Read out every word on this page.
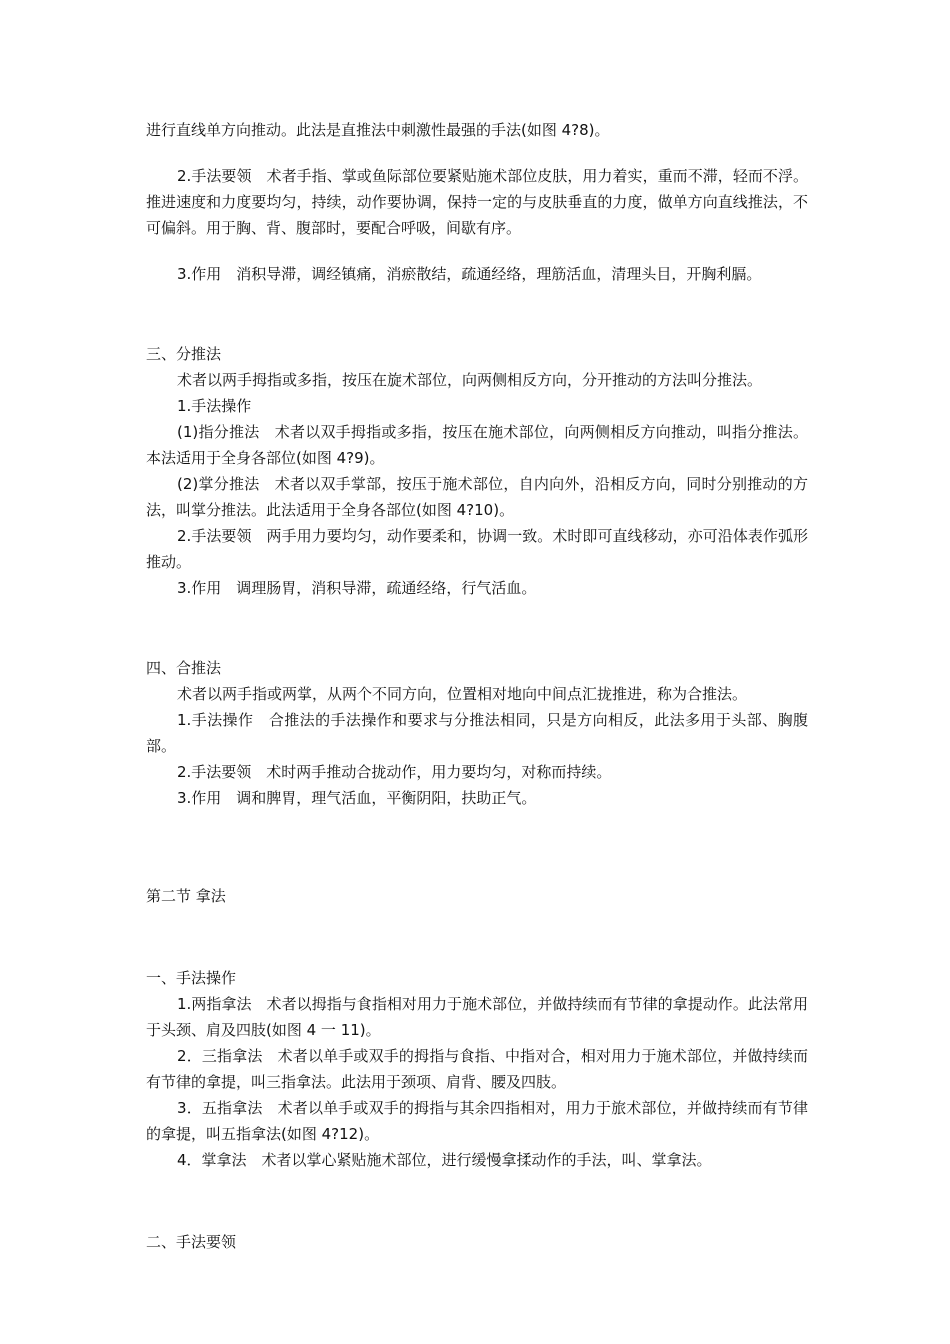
进行直线单方向推动。此法是直推法中刺激性最强的手法(如图 4?8)。

2.手法要领　术者手指、掌或鱼际部位要紧贴施术部位皮肤，用力着实，重而不滞，轻而不浮。推进速度和力度要均匀，持续，动作要协调，保持一定的与皮肤垂直的力度，做单方向直线推法，不可偏斜。用于胸、背、腹部时，要配合呼吸，间歇有序。

3.作用　消积导滞，调经镇痛，消瘀散结，疏通经络，理筋活血，清理头目，开胸利膈。

三、分推法

术者以两手拇指或多指，按压在旋术部位，向两侧相反方向，分开推动的方法叫分推法。

1.手法操作

(1)指分推法　术者以双手拇指或多指，按压在施术部位，向两侧相反方向推动，叫指分推法。本法适用于全身各部位(如图 4?9)。

(2)掌分推法　术者以双手掌部，按压于施术部位，自内向外，沿相反方向，同时分别推动的方法，叫掌分推法。此法适用于全身各部位(如图 4?10)。

2.手法要领　两手用力要均匀，动作要柔和，协调一致。术时即可直线移动，亦可沿体表作弧形推动。

3.作用　调理肠胃，消积导滞，疏通经络，行气活血。

四、合推法

术者以两手指或两掌，从两个不同方向，位置相对地向中间点汇拢推进，称为合推法。

1.手法操作　合推法的手法操作和要求与分推法相同，只是方向相反，此法多用于头部、胸腹部。

2.手法要领　术时两手推动合拢动作，用力要均匀，对称而持续。

3.作用　调和脾胃，理气活血，平衡阴阳，扶助正气。

第二节 拿法

一、手法操作

1.两指拿法　术者以拇指与食指相对用力于施术部位，并做持续而有节律的拿提动作。此法常用于头颈、肩及四肢(如图 4 一 11)。

2．三指拿法　术者以单手或双手的拇指与食指、中指对合，相对用力于施术部位，并做持续而有节律的拿提，叫三指拿法。此法用于颈项、肩背、腰及四肢。

3．五指拿法　术者以单手或双手的拇指与其余四指相对，用力于旅术部位，并做持续而有节律的拿提，叫五指拿法(如图 4?12)。

4．掌拿法　术者以掌心紧贴施术部位，进行缓慢拿揉动作的手法，叫、掌拿法。

二、手法要领
